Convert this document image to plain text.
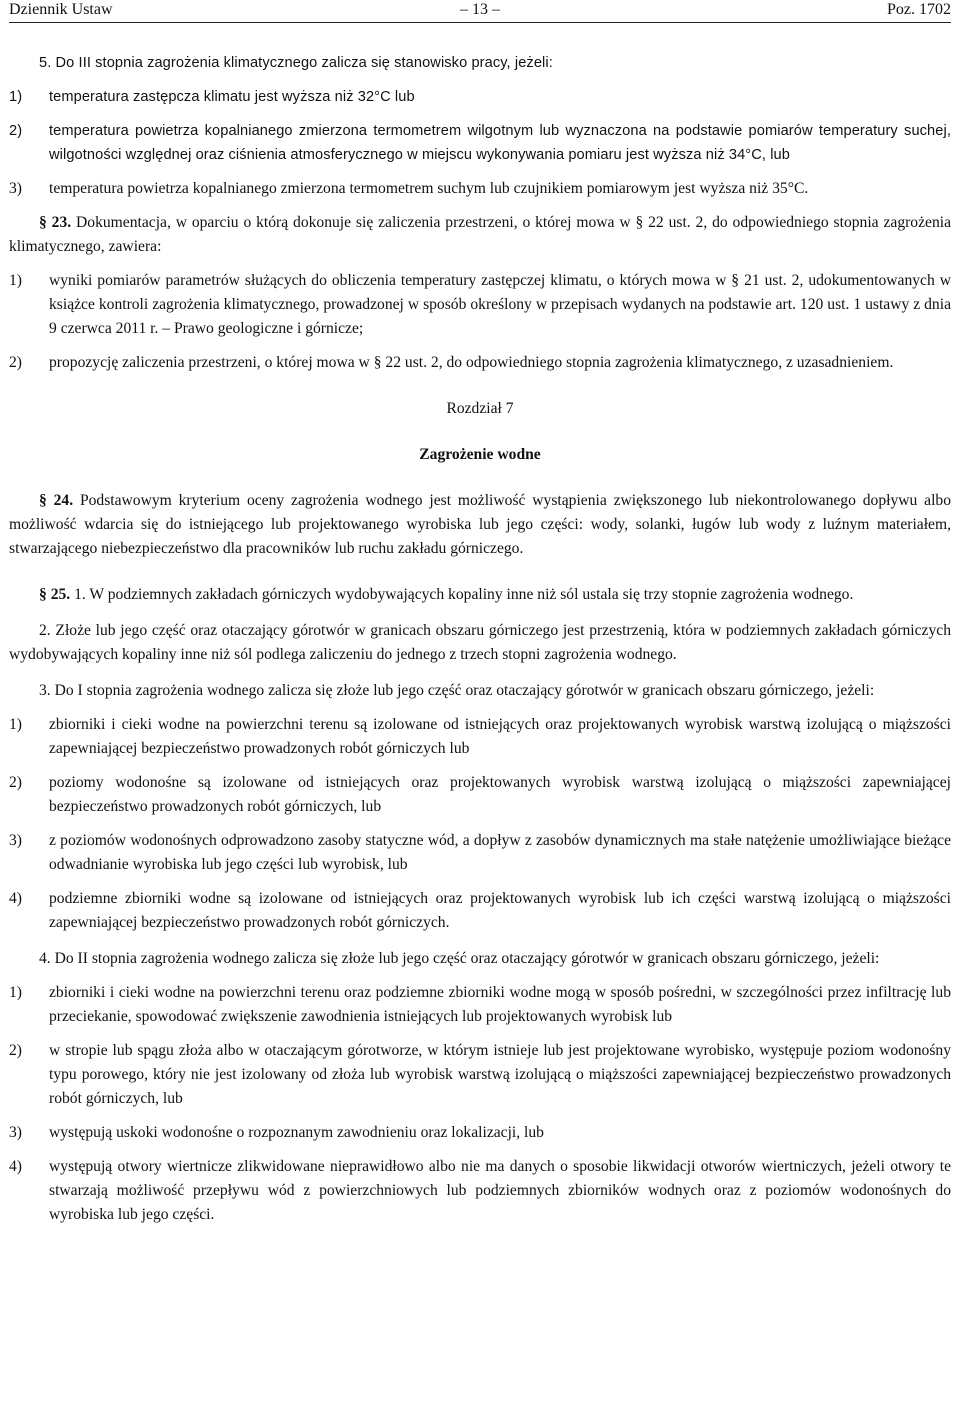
Dziennik Ustaw	– 13 –	Poz. 1702

5. Do III stopnia zagrożenia klimatycznego zalicza się stanowisko pracy, jeżeli:

1) temperatura zastępcza klimatu jest wyższa niż 32°C lub
2) temperatura powietrza kopalnianego zmierzona termometrem wilgotnym lub wyznaczona na podstawie pomiarów temperatury suchej, wilgotności względnej oraz ciśnienia atmosferycznego w miejscu wykonywania pomiaru jest wyższa niż 34°C, lub
3) temperatura powietrza kopalnianego zmierzona termometrem suchym lub czujnikiem pomiarowym jest wyższa niż 35°C.

§ 23. Dokumentacja, w oparciu o którą dokonuje się zaliczenia przestrzeni, o której mowa w § 22 ust. 2, do odpowiedniego stopnia zagrożenia klimatycznego, zawiera:

1) wyniki pomiarów parametrów służących do obliczenia temperatury zastępczej klimatu, o których mowa w § 21 ust. 2, udokumentowanych w książce kontroli zagrożenia klimatycznego, prowadzonej w sposób określony w przepisach wydanych na podstawie art. 120 ust. 1 ustawy z dnia 9 czerwca 2011 r. – Prawo geologiczne i górnicze;
2) propozycję zaliczenia przestrzeni, o której mowa w § 22 ust. 2, do odpowiedniego stopnia zagrożenia klimatycznego, z uzasadnieniem.

Rozdział 7

Zagrożenie wodne

§ 24. Podstawowym kryterium oceny zagrożenia wodnego jest możliwość wystąpienia zwiększonego lub niekontrolowanego dopływu albo możliwość wdarcia się do istniejącego lub projektowanego wyrobiska lub jego części: wody, solanki, ługów lub wody z luźnym materiałem, stwarzającego niebezpieczeństwo dla pracowników lub ruchu zakładu górniczego.

§ 25. 1. W podziemnych zakładach górniczych wydobywających kopaliny inne niż sól ustala się trzy stopnie zagrożenia wodnego.

2. Złoże lub jego część oraz otaczający górotwór w granicach obszaru górniczego jest przestrzenią, która w podziemnych zakładach górniczych wydobywających kopaliny inne niż sól podlega zaliczeniu do jednego z trzech stopni zagrożenia wodnego.

3. Do I stopnia zagrożenia wodnego zalicza się złoże lub jego część oraz otaczający górotwór w granicach obszaru górniczego, jeżeli:

1) zbiorniki i cieki wodne na powierzchni terenu są izolowane od istniejących oraz projektowanych wyrobisk warstwą izolującą o miąższości zapewniającej bezpieczeństwo prowadzonych robót górniczych lub
2) poziomy wodonośne są izolowane od istniejących oraz projektowanych wyrobisk warstwą izolującą o miąższości zapewniającej bezpieczeństwo prowadzonych robót górniczych, lub
3) z poziomów wodonośnych odprowadzono zasoby statyczne wód, a dopływ z zasobów dynamicznych ma stałe natężenie umożliwiające bieżące odwadnianie wyrobiska lub jego części lub wyrobisk, lub
4) podziemne zbiorniki wodne są izolowane od istniejących oraz projektowanych wyrobisk lub ich części warstwą izolującą o miąższości zapewniającej bezpieczeństwo prowadzonych robót górniczych.

4. Do II stopnia zagrożenia wodnego zalicza się złoże lub jego część oraz otaczający górotwór w granicach obszaru górniczego, jeżeli:

1) zbiorniki i cieki wodne na powierzchni terenu oraz podziemne zbiorniki wodne mogą w sposób pośredni, w szczególności przez infiltrację lub przeciekanie, spowodować zwiększenie zawodnienia istniejących lub projektowanych wyrobisk lub
2) w stropie lub spągu złoża albo w otaczającym górotworze, w którym istnieje lub jest projektowane wyrobisko, występuje poziom wodonośny typu porowego, który nie jest izolowany od złoża lub wyrobisk warstwą izolującą o miąższości zapewniającej bezpieczeństwo prowadzonych robót górniczych, lub
3) występują uskoki wodonośne o rozpoznanym zawodnieniu oraz lokalizacji, lub
4) występują otwory wiertnicze zlikwidowane nieprawidłowo albo nie ma danych o sposobie likwidacji otworów wiertniczych, jeżeli otwory te stwarzają możliwość przepływu wód z powierzchniowych lub podziemnych zbiorników wodnych oraz z poziomów wodonośnych do wyrobiska lub jego części.
